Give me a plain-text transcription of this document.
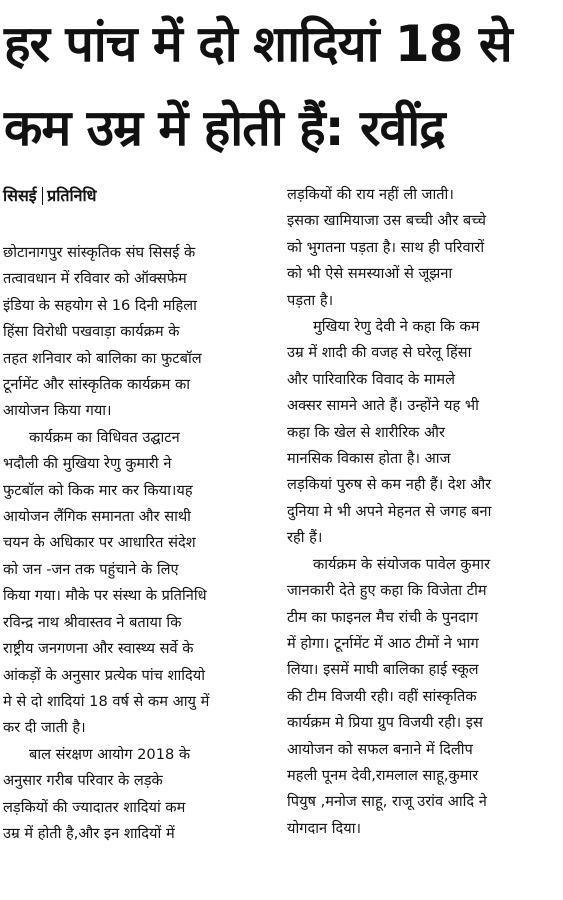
हर पांच में दो शादियां 18 से
कम उम्र में होती हैं: रवींद्र
सिसई प्रतिनिधि
छोटानागपुर सांस्कृतिक संघ सिसई के
तत्वावधान में रविवार को ऑक्सफेम
इंडिया के सहयोग से 16 दिनी महिला
हिंसा विरोधी पखवाड़ा कार्यक्रम के
तहत शनिवार को बालिका का फुटबॉल
टूर्नामेंट और सांस्कृतिक कार्यक्रम का
आयोजन किया गया।
कार्यक्रम का विधिवत उद्घाटन
भदौली की मुखिया रेणु कुमारी ने
फुटबॉल को किक मार कर किया।यह
आयोजन लैंगिक समानता और साथी
चयन के अधिकार पर आधारित संदेश
को जन -जन तक पहुंचाने के लिए
किया गया। मौके पर संस्था के प्रतिनिधि
रविन्द्र नाथ श्रीवास्तव ने बताया कि
राष्ट्रीय जनगणना और स्वास्थ्य सर्वे के
आंकड़ों के अनुसार प्रत्येक पांच शादियो
मे से दो शादियां 18 वर्ष से कम आयु में
कर दी जाती है।
बाल संरक्षण आयोग 2018 के
अनुसार गरीब परिवार के लड़के
लड़कियों की ज्यादातर शादियां कम
उम्र में होती है,और इन शादियों में
लड़कियों की राय नहीं ली जाती।
इसका खामियाजा उस बच्ची और बच्चे
को भुगतना पड़ता है। साथ ही परिवारों
को भी ऐसे समस्याओं से जूझना
पड़ता है।
मुखिया रेणु देवी ने कहा कि कम
उम्र में शादी की वजह से घरेलू हिंसा
और पारिवारिक विवाद के मामले
अक्सर सामने आते हैं। उन्होंने यह भी
कहा कि खेल से शारीरिक और
मानसिक विकास होता है। आज
लड़कियां पुरुष से कम नही हैं। देश और
दुनिया मे भी अपने मेहनत से जगह बना
रही हैं।
कार्यक्रम के संयोजक पावेल कुमार
जानकारी देते हुए कहा कि विजेता टीम
टीम का फाइनल मैच रांची के पुनदाग
में होगा। टूर्नामेंट में आठ टीमों ने भाग
लिया। इसमें माघी बालिका हाई स्कूल
की टीम विजयी रही। वहीं सांस्कृतिक
कार्यक्रम मे प्रिया ग्रुप विजयी रही। इस
आयोजन को सफल बनाने में दिलीप
महली पूनम देवी,रामलाल साहू,कुमार
पियुष ,मनोज साहू, राजू उरांव आदि ने
योगदान दिया।
